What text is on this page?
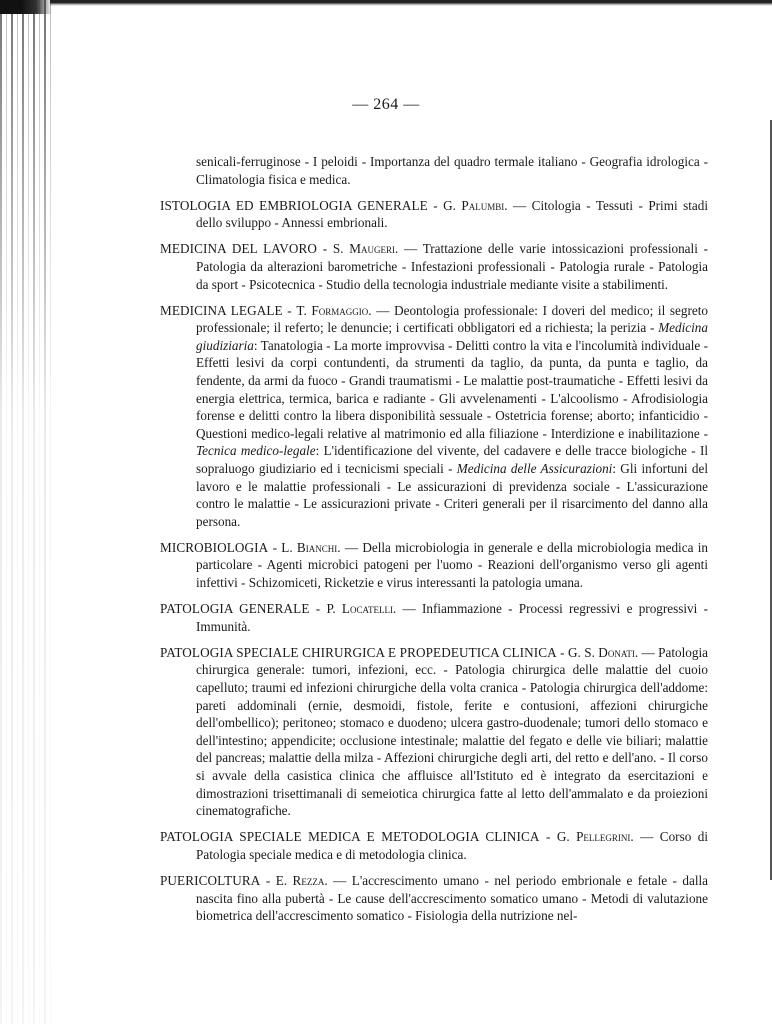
— 264 —

senicali-ferruginose - I peloidi - Importanza del quadro termale italiano - Geografia idrologica - Climatologia fisica e medica.

ISTOLOGIA ED EMBRIOLOGIA GENERALE - G. Palumbi. — Citologia - Tessuti - Primi stadi dello sviluppo - Annessi embrionali.

MEDICINA DEL LAVORO - S. Maugeri. — Trattazione delle varie intossicazioni professionali - Patologia da alterazioni barometriche - Infestazioni professionali - Patologia rurale - Patologia da sport - Psicotecnica - Studio della tecnologia industriale mediante visite a stabilimenti.

MEDICINA LEGALE - T. Formaggio. — Deontologia professionale: I doveri del medico; il segreto professionale; il referto; le denuncie; i certificati obbligatori ed a richiesta; la perizia - Medicina giudiziaria: Tanatologia - La morte improvvisa - Delitti contro la vita e l'incolumità individuale - Effetti lesivi da corpi contundenti, da strumenti da taglio, da punta, da punta e taglio, da fendente, da armi da fuoco - Grandi traumatismi - Le malattie post-traumatiche - Effetti lesivi da energia elettrica, termica, barica e radiante - Gli avvelenamenti - L'alcoolismo - Afrodisiologia forense e delitti contro la libera disponibilità sessuale - Ostetricia forense; aborto; infanticidio - Questioni medico-legali relative al matrimonio ed alla filiazione - Interdizione e inabilitazione - Tecnica medico-legale: L'identificazione del vivente, del cadavere e delle tracce biologiche - Il sopraluogo giudiziario ed i tecnicismi speciali - Medicina delle Assicurazioni: Gli infortuni del lavoro e le malattie professionali - Le assicurazioni di previdenza sociale - L'assicurazione contro le malattie - Le assicurazioni private - Criteri generali per il risarcimento del danno alla persona.

MICROBIOLOGIA - L. Bianchi. — Della microbiologia in generale e della microbiologia medica in particolare - Agenti microbici patogeni per l'uomo - Reazioni dell'organismo verso gli agenti infettivi - Schizomiceti, Ricketzie e virus interessanti la patologia umana.

PATOLOGIA GENERALE - P. Locatelli. — Infiammazione - Processi regressivi e progressivi - Immunità.

PATOLOGIA SPECIALE CHIRURGICA E PROPEDEUTICA CLINICA - G. S. Donati. — Patologia chirurgica generale: tumori, infezioni, ecc. - Patologia chirurgica delle malattie del cuoio capelluto; traumi ed infezioni chirurgiche della volta cranica - Patologia chirurgica dell'addome: pareti addominali (ernie, desmoidi, fistole, ferite e contusioni, affezioni chirurgiche dell'ombellico); peritoneo; stomaco e duodeno; ulcera gastro-duodenale; tumori dello stomaco e dell'intestino; appendicite; occlusione intestinale; malattie del fegato e delle vie biliari; malattie del pancreas; malattie della milza - Affezioni chirurgiche degli arti, del retto e dell'ano. - Il corso si avvale della casistica clinica che affluisce all'Istituto ed è integrato da esercitazioni e dimostrazioni trisettimanali di semeiotica chirurgica fatte al letto dell'ammalato e da proiezioni cinematografiche.

PATOLOGIA SPECIALE MEDICA E METODOLOGIA CLINICA - G. Pellegrini. — Corso di Patologia speciale medica e di metodologia clinica.

PUERICOLTURA - E. Rezza. — L'accrescimento umano - nel periodo embrionale e fetale - dalla nascita fino alla pubertà - Le cause dell'accrescimento somatico umano - Metodi di valutazione biometrica dell'accrescimento somatico - Fisiologia della nutrizione nel-
